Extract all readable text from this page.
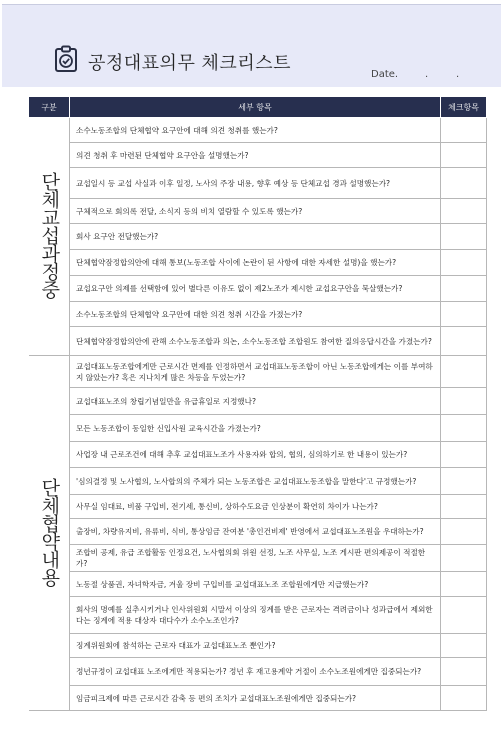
공정대표의무 체크리스트
Date.	.	.
구분	세부 항목	체크항목
단체교섭과정중	소수노동조합의 단체협약 요구안에 대해 의견 청취를 했는가?	
	의견 청취 후 마련된 단체협약 요구안을 설명했는가?	
	교섭일시 등 교섭 사실과 이후 일정, 노사의 주장 내용, 향후 예상 등 단체교섭 경과 설명했는가?	
	구체적으로 회의록 전달, 소식지 등의 비치 열람할 수 있도록 했는가?	
	회사 요구안 전달했는가?	
	단체협약잠정합의안에 대해 통보(노동조합 사이에 논란이 된 사항에 대한 자세한 설명)을 했는가?	
	교섭요구안 의제를 선택함에 있어 별다른 이유도 없이 제2노조가 제시한 교섭요구안을 묵살했는가?	
	소수노동조합의 단체협약 요구안에 대한 의견 청취 시간을 가졌는가?	
	단체협약잠정합의안에 관해 소수노동조합과 의논, 소수노동조합 조합원도 참여한 질의응답시간을 가졌는가?	
단체협약내용	교섭대표노동조합에게만 근로시간 면제를 인정하면서 교섭대표노동조합이 아닌 노동조합에게는 이를 부여하지 않았는가? 혹은 지나치게 많은 차등을 두었는가?	
	교섭대표노조의 창립기념일만을 유급휴일로 지정했나?	
	모든 노동조합이 동일한 신입사원 교육시간을 가졌는가?	
	사업장 내 근로조건에 대해 추후 교섭대표노조가 사용자와 합의, 협의, 심의하기로 한 내용이 있는가?	
	'심의결정 및 노사협의, 노사합의의 주체가 되는 노동조합은 교섭대표노동조합을 말한다'고 규정했는가?	
	사무실 임대료, 비품 구입비, 전기세, 통신비, 상하수도요금 인상분이 확연히 차이가 나는가?	
	출장비, 차량유지비, 유류비, 식비, 통상임금 잔여분 '총인건비제' 반영에서 교섭대표노조원을 우대하는가?	
	조합비 공제, 유급 조합활동 인정요건, 노사협의회 위원 선정, 노조 사무실, 노조 게시판 편의제공이 적절한가?	
	노동절 상품권, 자녀학자금, 겨울 장비 구입비를 교섭대표노조 조합원에게만 지급했는가?	
	회사의 명예를 실추시키거나 인사위원회 시말서 이상의 징계를 받은 근로자는 격려금이나 성과급에서 제외한다는 징계에 적용 대상자 대다수가 소수노조인가?	
	징계위원회에 참석하는 근로자 대표가 교섭대표노조 뿐인가?	
	정년규정이 교섭대표 노조에게만 적용되는가? 정년 후 재고용계약 거절이 소수노조원에게만 집중되는가?	
	임금피크제에 따른 근로시간 감축 등 편의 조치가 교섭대표노조원에게만 집중되는가?	
